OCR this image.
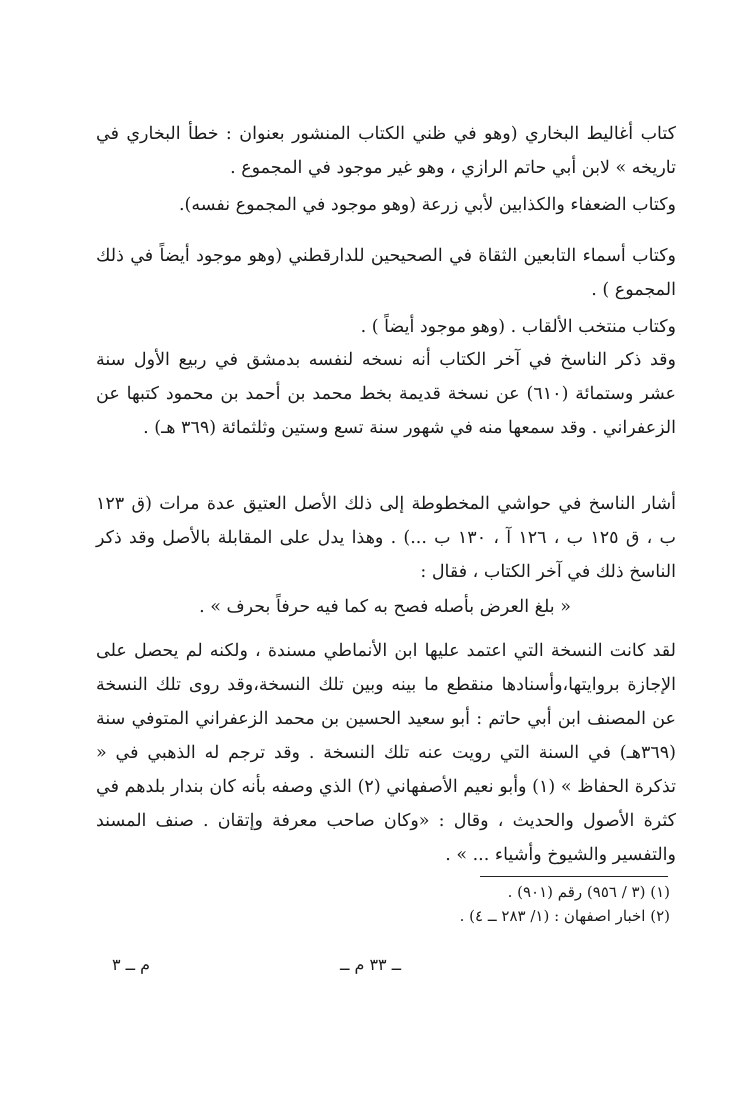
كتاب أغاليط البخاري (وهو في ظني الكتاب المنشور بعنوان : خطأ البخاري في تاريخه » لابن أبي حاتم الرازي ، وهو غير موجود في المجموع .

وكتاب الضعفاء والكذابين لأبي زرعة (وهو موجود في المجموع نفسه).

وكتاب أسماء التابعين الثقاة في الصحيحين للدارقطني (وهو موجود أيضاً في ذلك المجموع ) .

وكتاب منتخب الألقاب . (وهو موجود أيضاً ) .

وقد ذكر الناسخ في آخر الكتاب أنه نسخه لنفسه بدمشق في ربيع الأول سنة عشر وستمائة (٦١٠) عن نسخة قديمة بخط محمد بن أحمد بن محمود كتبها عن الزعفراني . وقد سمعها منه في شهور سنة تسع وستين وثلثمائة (٣٦٩ هـ) .

أشار الناسخ في حواشي المخطوطة إلى ذلك الأصل العتيق عدة مرات (ق ١٢٣ ب ، ق ١٢٥ ب ، ١٢٦ آ ، ١٣٠ ب ...) . وهذا يدل على المقابلة بالأصل وقد ذكر الناسخ ذلك في آخر الكتاب ، فقال :

« بلغ العرض بأصله فصح به كما فيه حرفاً بحرف » .

لقد كانت النسخة التي اعتمد عليها ابن الأنماطي مسندة ، ولكنه لم يحصل على الإجازة بروايتها،وأسنادها منقطع ما بينه وبين تلك النسخة،وقد روى تلك النسخة عن المصنف ابن أبي حاتم : أبو سعيد الحسين بن محمد الزعفراني المتوفي سنة (٣٦٩هـ) في السنة التي رويت عنه تلك النسخة . وقد ترجم له الذهبي في « تذكرة الحفاظ » (١) وأبو نعيم الأصفهاني (٢) الذي وصفه بأنه كان بندار بلدهم في كثرة الأصول والحديث ، وقال : «وكان صاحب معرفة وإتقان . صنف المسند والتفسير والشيوخ وأشياء ... » .

(١) (٣ / ٩٥٦) رقم (٩٠١) .
(٢) اخبار اصفهان : (١/ ٢٨٣ ــ ٤) .
م ــ ٣	ــ ٣٣ م ــ
